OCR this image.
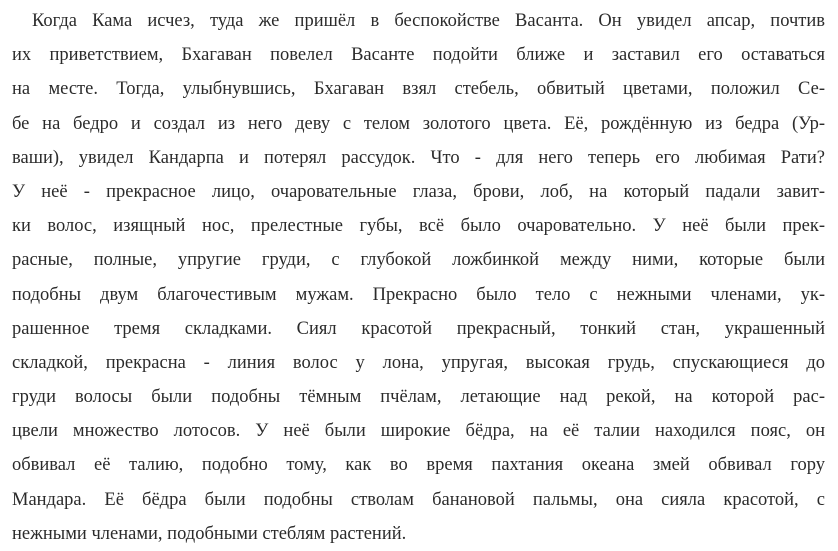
Когда Кама исчез, туда же пришёл в беспокойстве Васанта. Он увидел апсар, почтив
их приветствием, Бхагаван повелел Васанте подойти ближе и заставил его оставаться
на месте. Тогда, улыбнувшись, Бхагаван взял стебель, обвитый цветами, положил Се-
бе на бедро и создал из него деву с телом золотого цвета. Её, рождённую из бедра (Ур-
ваши), увидел Кандарпа и потерял рассудок. Что - для него теперь его любимая Рати?
У неё - прекрасное лицо, очаровательные глаза, брови, лоб, на который падали завит-
ки волос, изящный нос, прелестные губы, всё было очаровательно. У неё были прек-
расные, полные, упругие груди, с глубокой ложбинкой между ними, которые были
подобны двум благочестивым мужам. Прекрасно было тело с нежными членами, ук-
рашенное тремя складками. Сиял красотой прекрасный, тонкий стан, украшенный
складкой, прекрасна - линия волос у лона, упругая, высокая грудь, спускающиеся до
груди волосы были подобны тёмным пчёлам, летающие над рекой, на которой рас-
цвели множество лотосов. У неё были широкие бёдра, на её талии находился пояс, он
обвивал её талию, подобно тому, как во время пахтания океана змей обвивал гору
Мандара. Её бёдра были подобны стволам банановой пальмы, она сияла красотой, с
нежными членами, подобными стеблям растений.
